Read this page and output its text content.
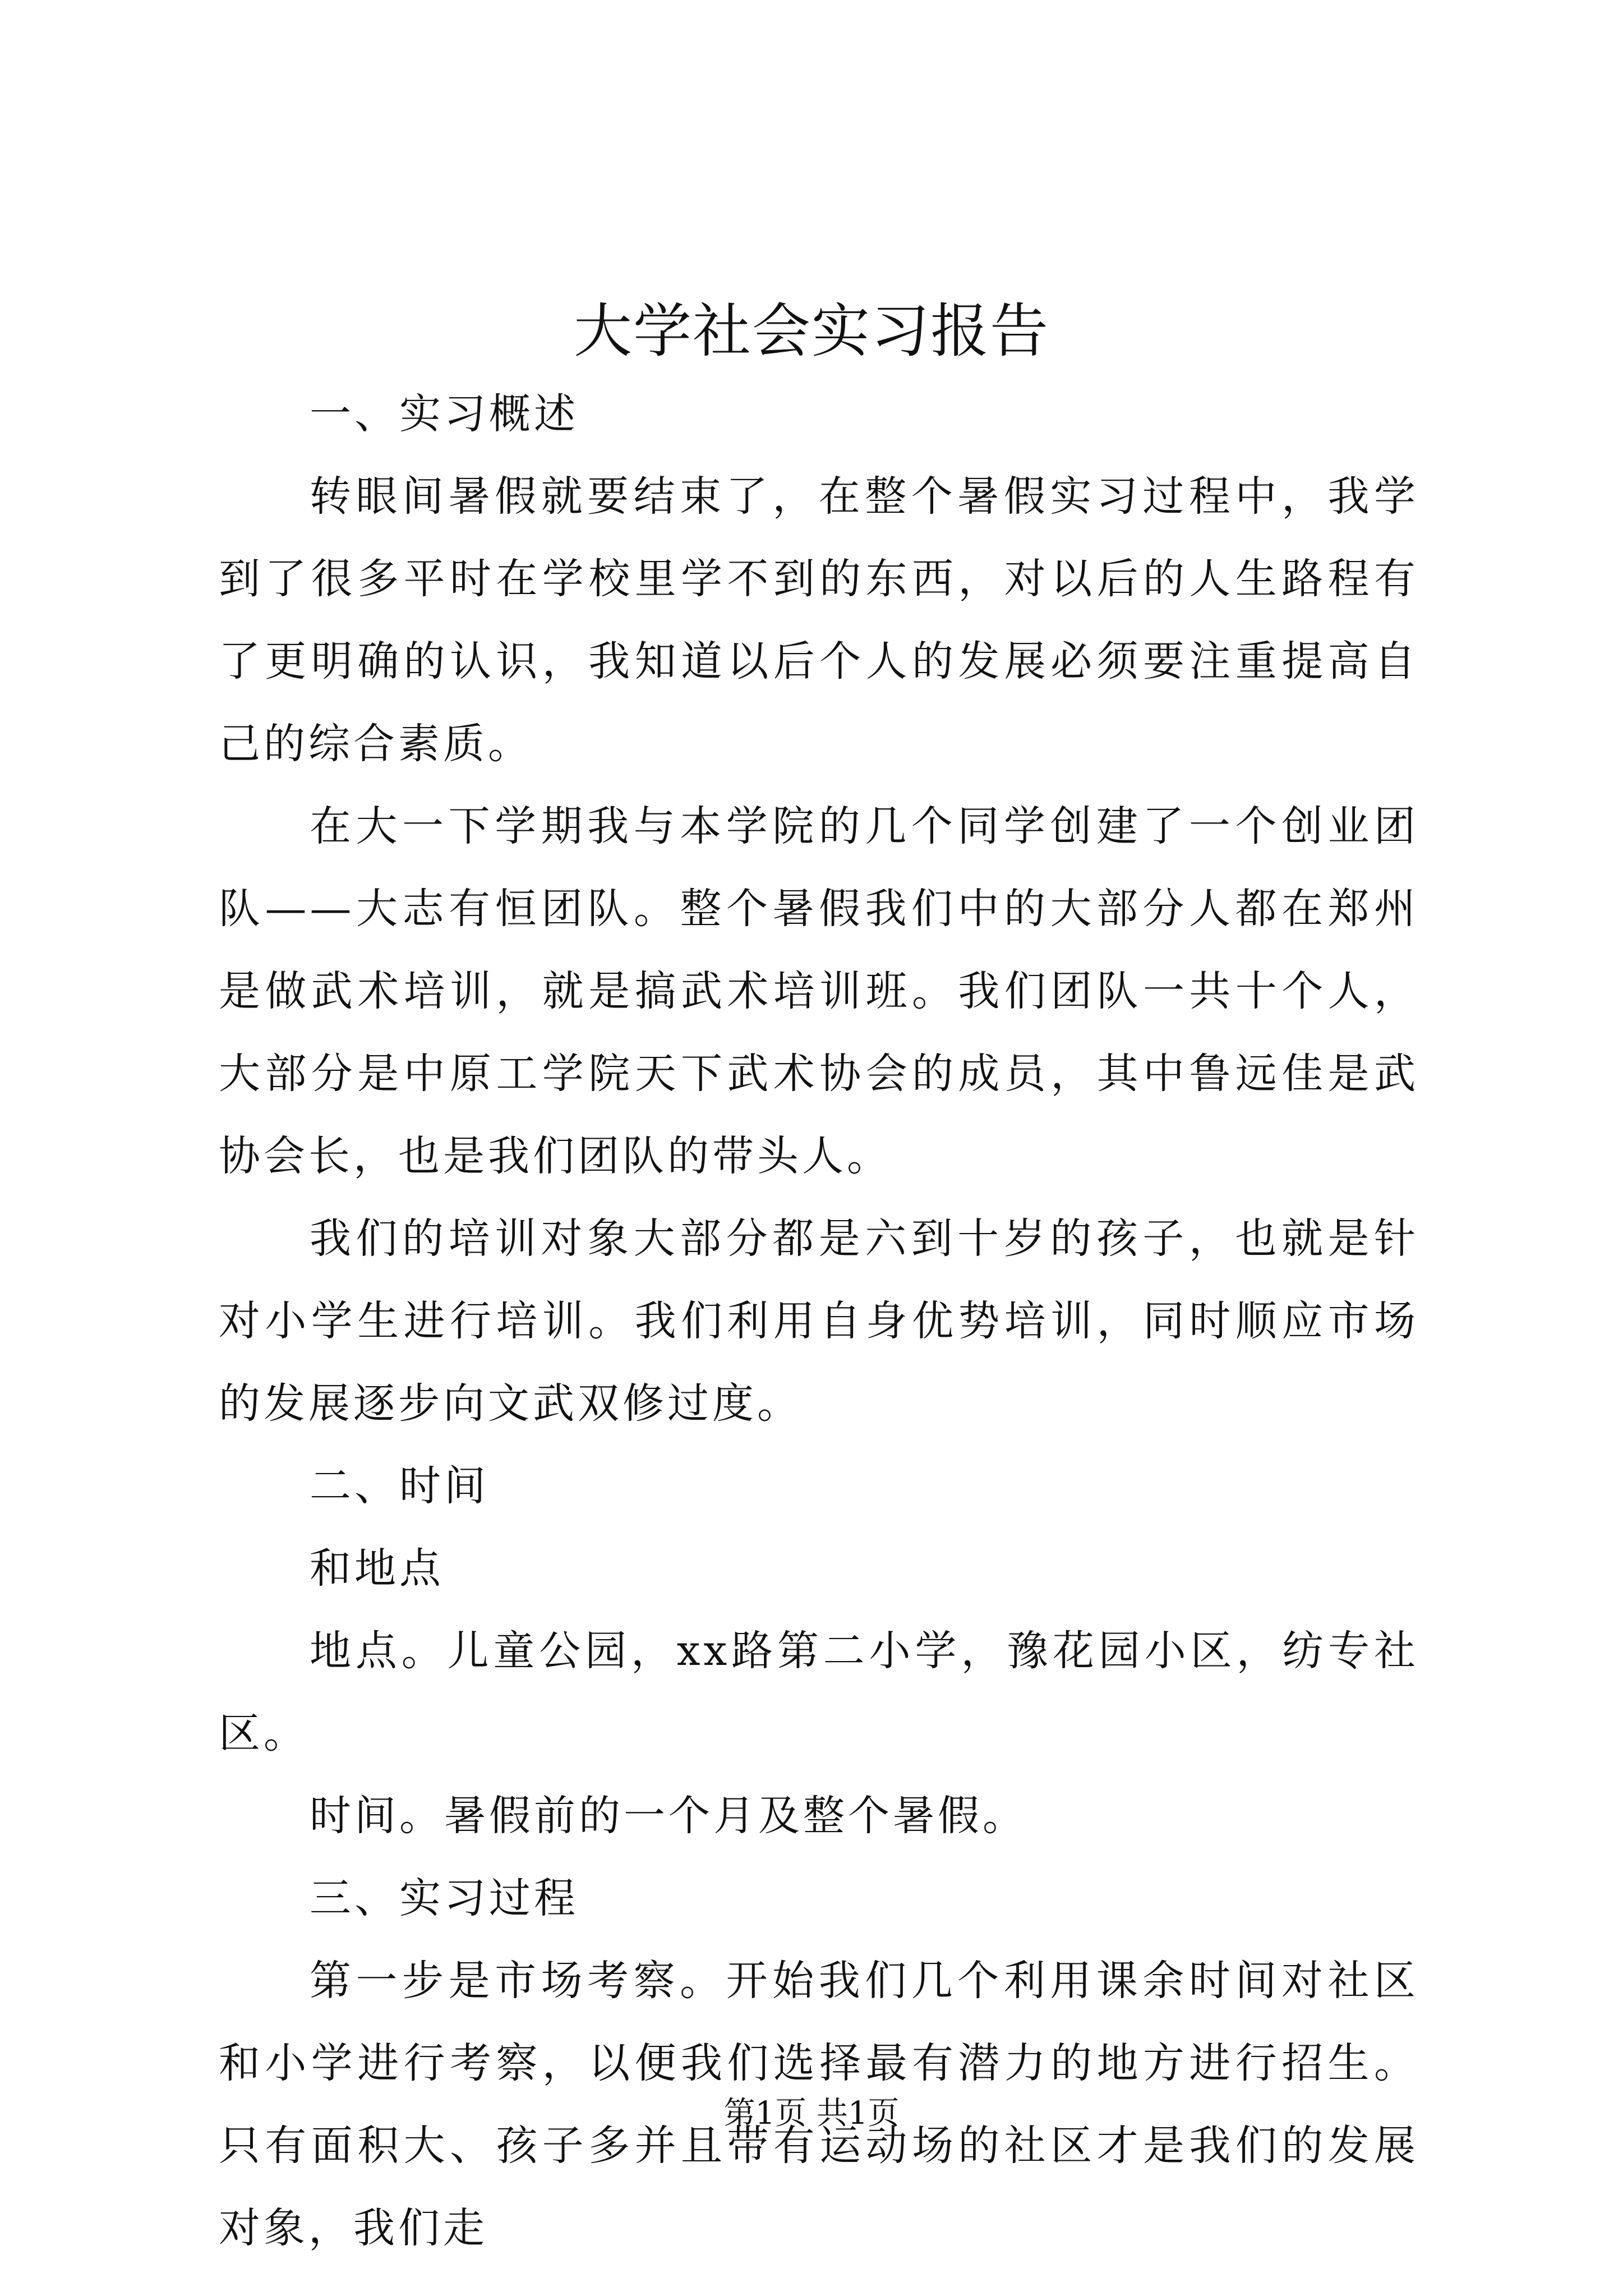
大学社会实习报告

一、实习概述

转眼间暑假就要结束了，在整个暑假实习过程中，我学到了很多平时在学校里学不到的东西，对以后的人生路程有了更明确的认识，我知道以后个人的发展必须要注重提高自己的综合素质。

在大一下学期我与本学院的几个同学创建了一个创业团队——大志有恒团队。整个暑假我们中的大部分人都在郑州是做武术培训，就是搞武术培训班。我们团队一共十个人，大部分是中原工学院天下武术协会的成员，其中鲁远佳是武协会长，也是我们团队的带头人。

我们的培训对象大部分都是六到十岁的孩子，也就是针对小学生进行培训。我们利用自身优势培训，同时顺应市场的发展逐步向文武双修过度。

二、时间

和地点

地点。儿童公园，xx路第二小学，豫花园小区，纺专社区。

时间。暑假前的一个月及整个暑假。

三、实习过程

第一步是市场考察。开始我们几个利用课余时间对社区和小学进行考察，以便我们选择最有潜力的地方进行招生。只有面积大、孩子多并且带有运动场的社区才是我们的发展对象，我们走

第1页 共1页
